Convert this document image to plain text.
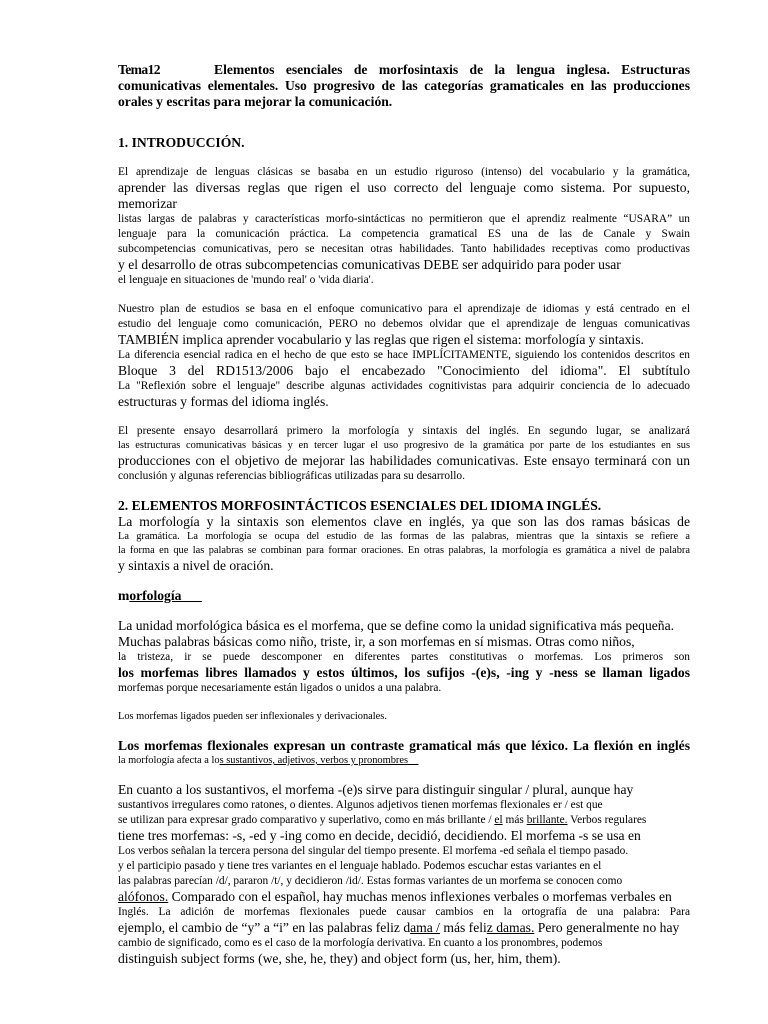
Tema12	Elementos esenciales de morfosintaxis de la lengua inglesa. Estructuras
comunicativas elementales. Uso progresivo de las categorías gramaticales en las producciones
orales y escritas para mejorar la comunicación.
1. INTRODUCCIÓN.
El aprendizaje de lenguas clásicas se basaba en un estudio riguroso (intenso) del vocabulario y la gramática,
aprender las diversas reglas que rigen el uso correcto del lenguaje como sistema. Por supuesto, memorizar
listas largas de palabras y características morfo-sintácticas no permitieron que el aprendiz realmente “USARA” un
lenguaje para la comunicación práctica. La competencia gramatical ES una de las de Canale y Swain
subcompetencias comunicativas, pero se necesitan otras habilidades. Tanto habilidades receptivas como productivas
y el desarrollo de otras subcompetencias comunicativas DEBE ser adquirido para poder usar
el lenguaje en situaciones de 'mundo real' o 'vida diaria'.
Nuestro plan de estudios se basa en el enfoque comunicativo para el aprendizaje de idiomas y está centrado en el
estudio del lenguaje como comunicación, PERO no debemos olvidar que el aprendizaje de lenguas comunicativas
TAMBIÉN implica aprender vocabulario y las reglas que rigen el sistema: morfología y sintaxis.
La diferencia esencial radica en el hecho de que esto se hace IMPLÍCITAMENTE, siguiendo los contenidos descritos en
Bloque 3 del RD1513/2006 bajo el encabezado "Conocimiento del idioma". El subtítulo
La "Reflexión sobre el lenguaje" describe algunas actividades cognitivistas para adquirir conciencia de lo adecuado
estructuras y formas del idioma inglés.
El presente ensayo desarrollará primero la morfología y sintaxis del inglés. En segundo lugar, se analizará
las estructuras comunicativas básicas y en tercer lugar el uso progresivo de la gramática por parte de los estudiantes en sus
producciones con el objetivo de mejorar las habilidades comunicativas. Este ensayo terminará con un
conclusión y algunas referencias bibliográficas utilizadas para su desarrollo.
2. ELEMENTOS MORFOSINTÁCTICOS ESENCIALES DEL IDIOMA INGLÉS.
La morfología y la sintaxis son elementos clave en inglés, ya que son las dos ramas básicas de
La gramática. La morfología se ocupa del estudio de las formas de las palabras, mientras que la sintaxis se refiere a
la forma en que las palabras se combinan para formar oraciones. En otras palabras, la morfología es gramática a nivel de palabra
y sintaxis a nivel de oración.
morfología
La unidad morfológica básica es el morfema, que se define como la unidad significativa más pequeña.
Muchas palabras básicas como niño, triste, ir, a son morfemas en sí mismas. Otras como niños,
la tristeza, ir se puede descomponer en diferentes partes constitutivas o morfemas. Los primeros son
los morfemas libres llamados y estos últimos, los sufijos -(e)s, -ing y -ness se llaman ligados
morfemas porque necesariamente están ligados o unidos a una palabra.
Los morfemas ligados pueden ser inflexionales y derivacionales.
Los morfemas flexionales expresan un contraste gramatical más que léxico. La flexión en inglés
la morfología afecta a los sustantivos, adjetivos, verbos y pronombres
En cuanto a los sustantivos, el morfema -(e)s sirve para distinguir singular / plural, aunque hay
sustantivos irregulares como ratones, o dientes. Algunos adjetivos tienen morfemas flexionales er / est que
se utilizan para expresar grado comparativo y superlativo, como en más brillante / el más brillante. Verbos regulares
tiene tres morfemas: -s, -ed y -ing como en decide, decidió, decidiendo. El morfema -s se usa en
Los verbos señalan la tercera persona del singular del tiempo presente. El morfema -ed señala el tiempo pasado.
y el participio pasado y tiene tres variantes en el lenguaje hablado. Podemos escuchar estas variantes en el
las palabras parecían /d/, pararon /t/, y decidieron /id/. Estas formas variantes de un morfema se conocen como
alófonos. Comparado con el español, hay muchas menos inflexiones verbales o morfemas verbales en
Inglés. La adición de morfemas flexionales puede causar cambios en la ortografía de una palabra: Para
ejemplo, el cambio de “y” a “i” en las palabras feliz dama / más feliz damas. Pero generalmente no hay
cambio de significado, como es el caso de la morfología derivativa. En cuanto a los pronombres, podemos
distinguish subject forms (we, she, he, they) and object form (us, her, him, them).
